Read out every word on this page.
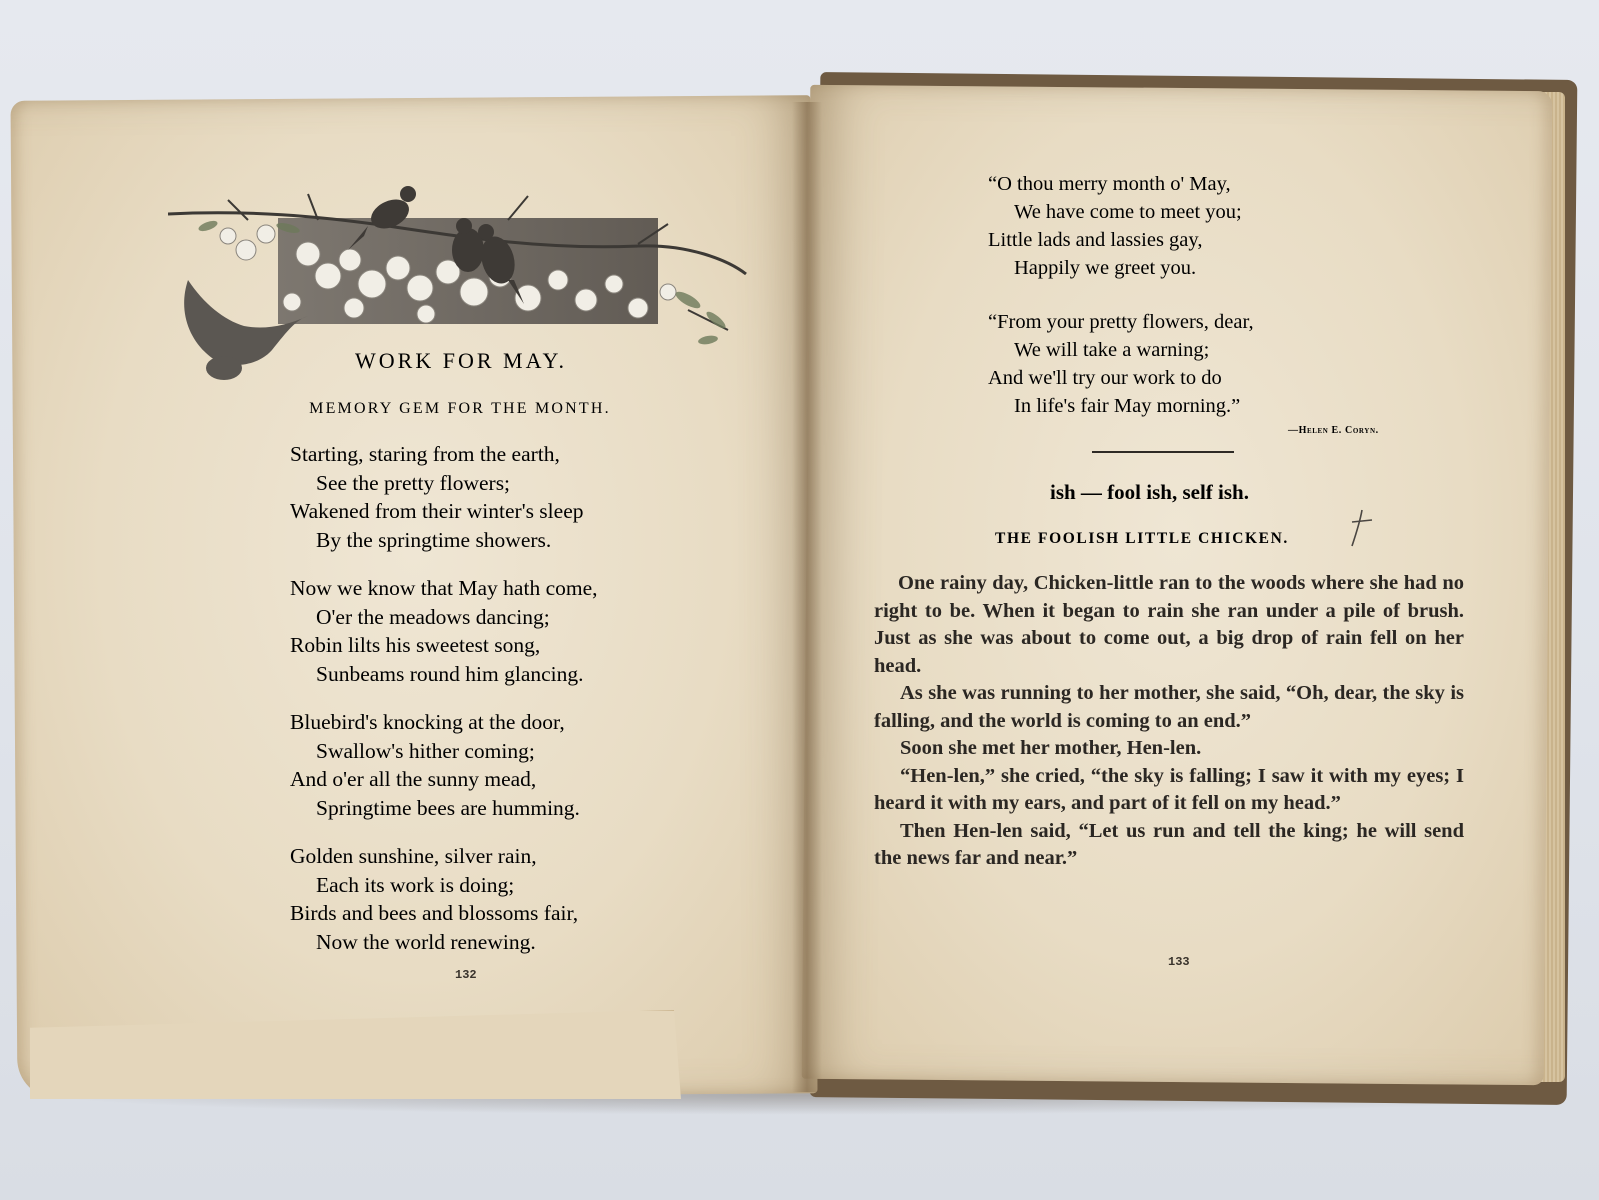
WORK FOR MAY.
MEMORY GEM FOR THE MONTH.
Starting, staring from the earth,
See the pretty flowers;
Wakened from their winter's sleep
By the springtime showers.
Now we know that May hath come,
O'er the meadows dancing;
Robin lilts his sweetest song,
Sunbeams round him glancing.
Bluebird's knocking at the door,
Swallow's hither coming;
And o'er all the sunny mead,
Springtime bees are humming.
Golden sunshine, silver rain,
Each its work is doing;
Birds and bees and blossoms fair,
Now the world renewing.
132
“O thou merry month o' May,
We have come to meet you;
Little lads and lassies gay,
Happily we greet you.
“From your pretty flowers, dear,
We will take a warning;
And we'll try our work to do
In life's fair May morning.”
—Helen E. Coryn.
ish — fool ish, self ish.
THE FOOLISH LITTLE CHICKEN.

One rainy day, Chicken-little ran to the woods where she had no right to be. When it began to rain she ran under a pile of brush. Just as she was about to come out, a big drop of rain fell on her head.

As she was running to her mother, she said, “Oh, dear, the sky is falling, and the world is coming to an end.”

Soon she met her mother, Hen-len.

“Hen-len,” she cried, “the sky is falling; I saw it with my eyes; I heard it with my ears, and part of it fell on my head.”

Then Hen-len said, “Let us run and tell the king; he will send the news far and near.”

133
